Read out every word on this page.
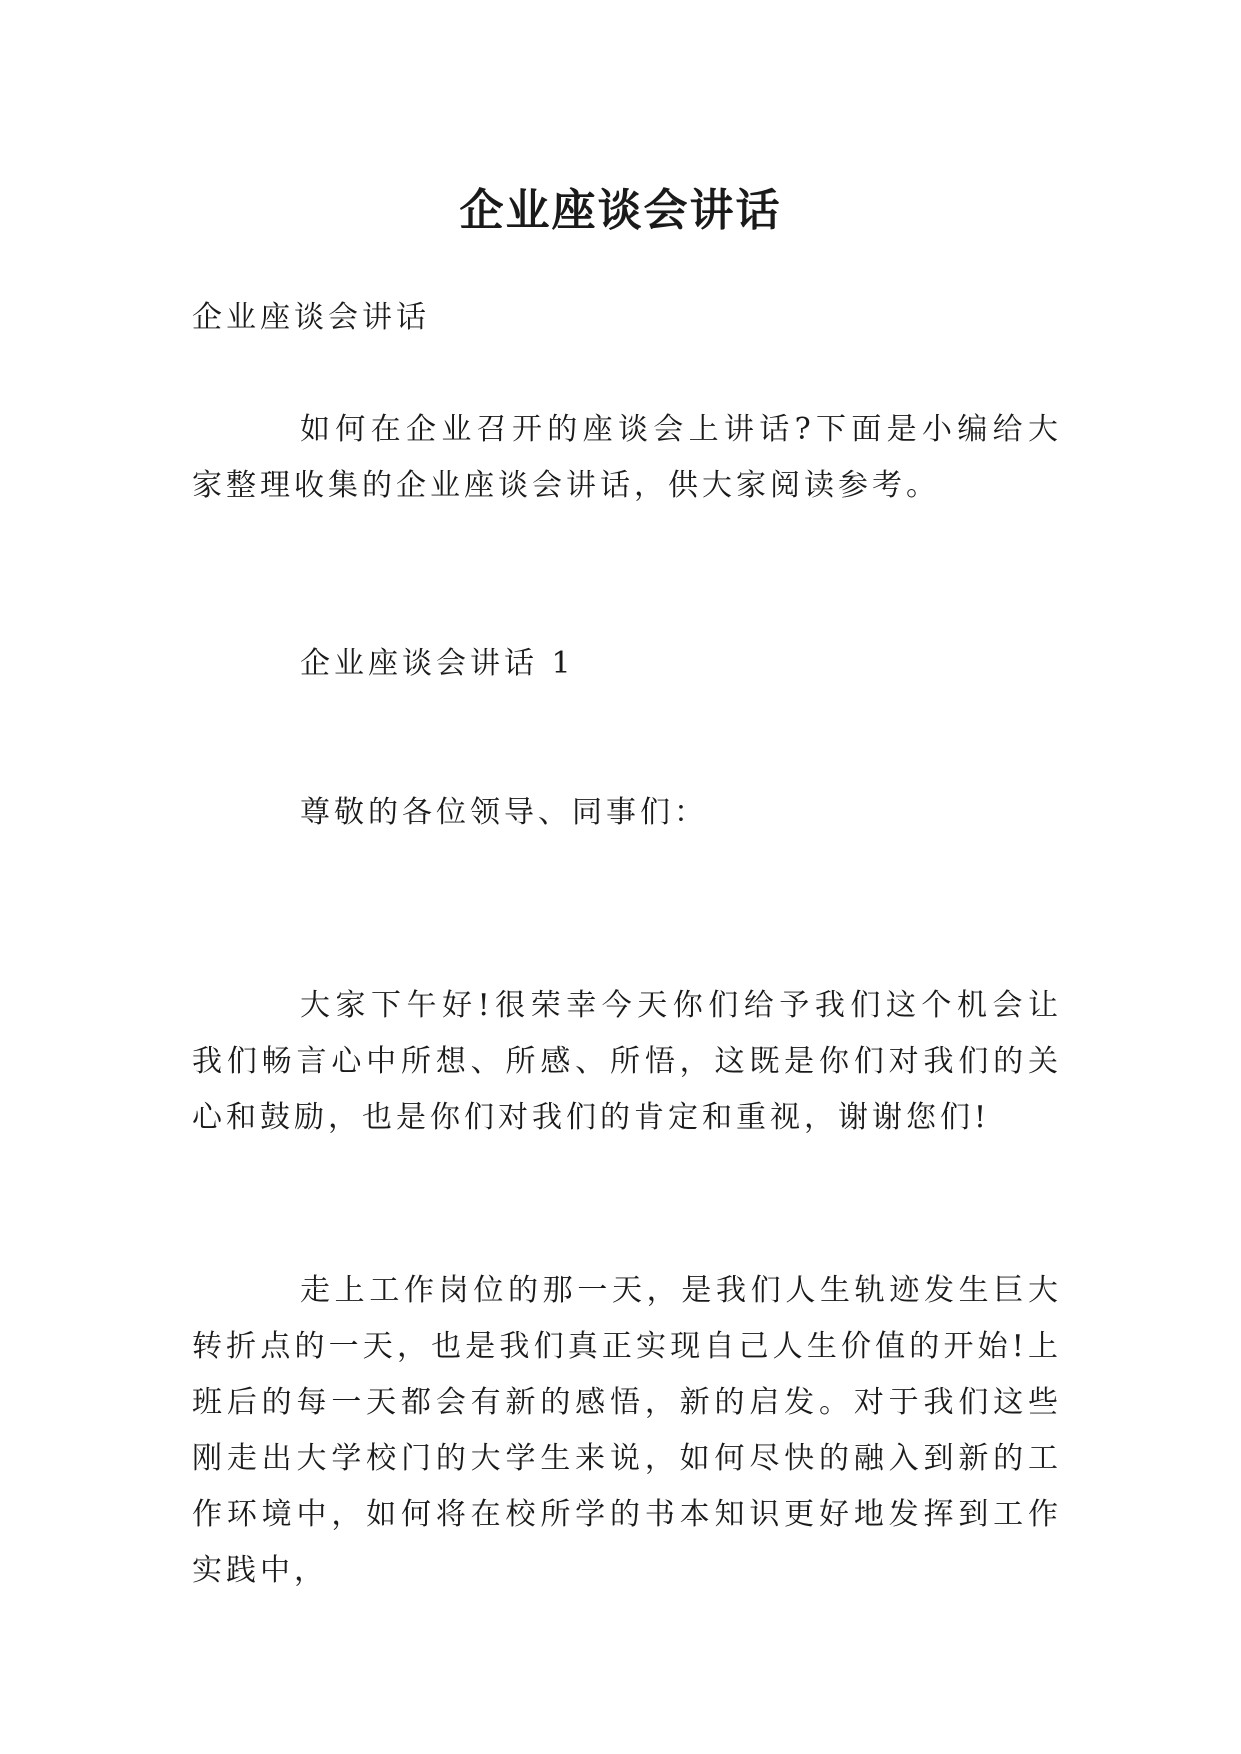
企业座谈会讲话

企业座谈会讲话

如何在企业召开的座谈会上讲话?下面是小编给大家整理收集的企业座谈会讲话，供大家阅读参考。

企业座谈会讲话 1

尊敬的各位领导、同事们：

大家下午好!很荣幸今天你们给予我们这个机会让我们畅言心中所想、所感、所悟，这既是你们对我们的关心和鼓励，也是你们对我们的肯定和重视，谢谢您们!

走上工作岗位的那一天，是我们人生轨迹发生巨大转折点的一天，也是我们真正实现自己人生价值的开始!上班后的每一天都会有新的感悟，新的启发。对于我们这些刚走出大学校门的大学生来说，如何尽快的融入到新的工作环境中，如何将在校所学的书本知识更好地发挥到工作实践中，
